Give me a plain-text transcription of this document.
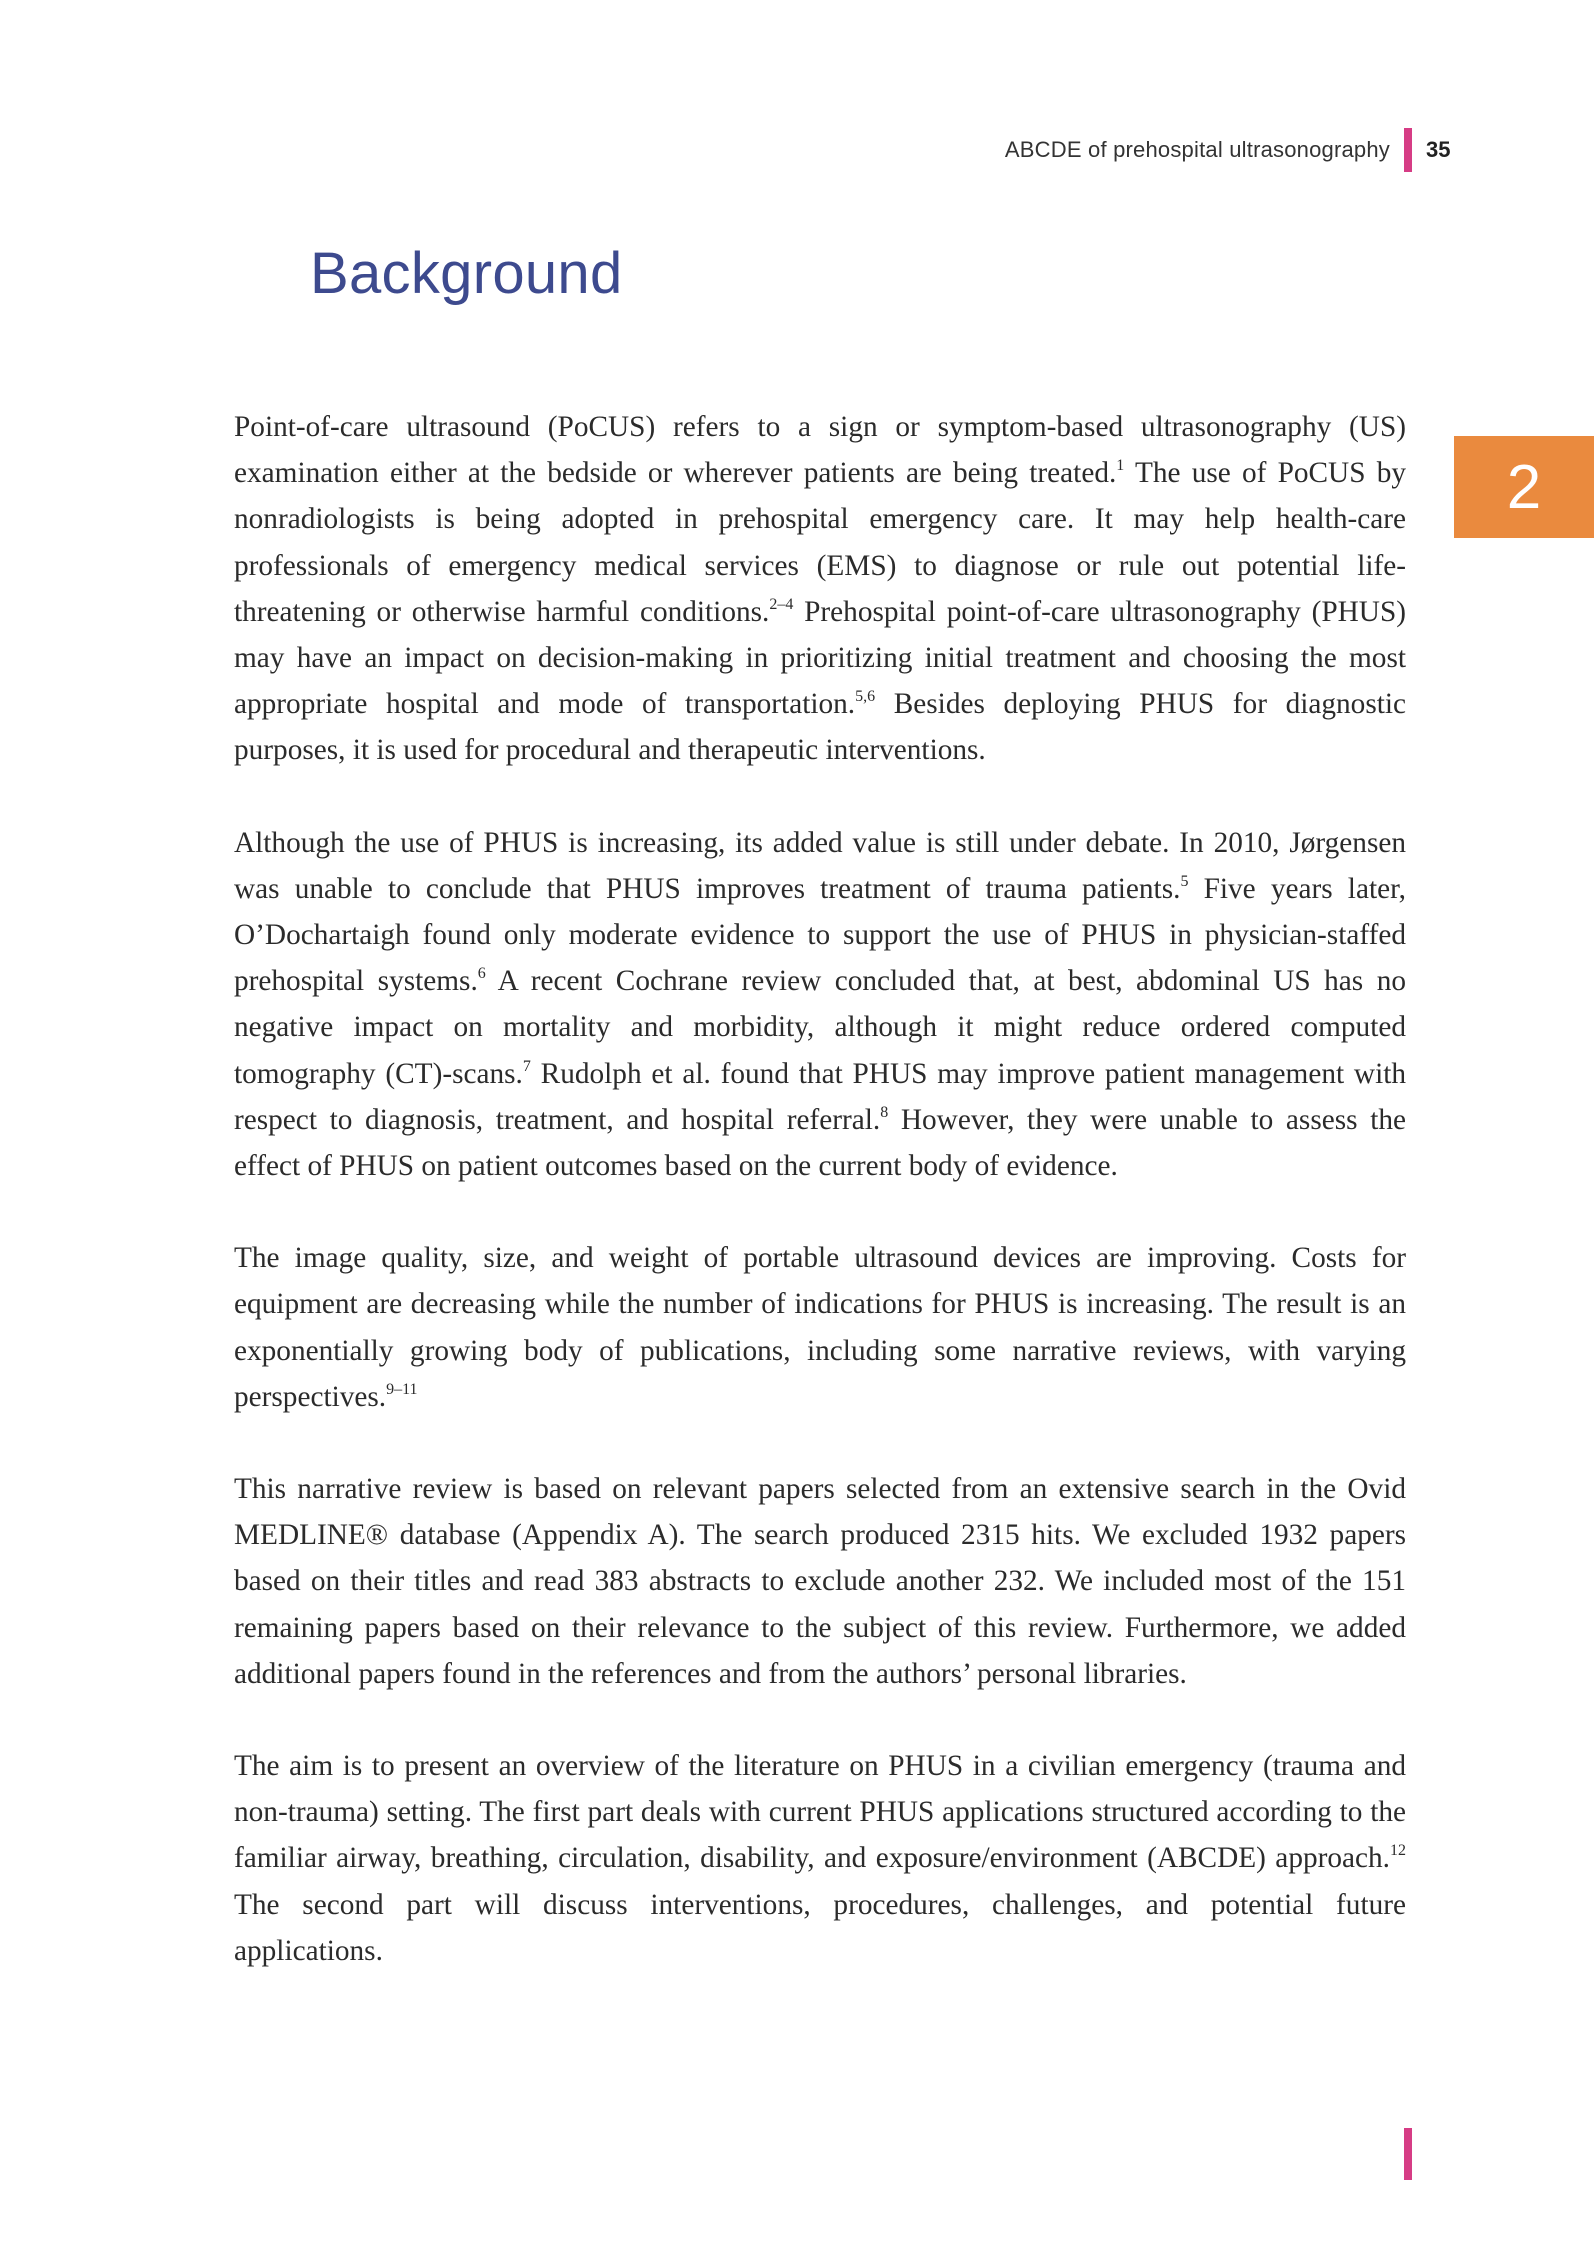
ABCDE of prehospital ultrasonography 35
Background
2

Point-of-care ultrasound (PoCUS) refers to a sign or symptom-based ultrasonography (US) examination either at the bedside or wherever patients are being treated.$^1$ The use of PoCUS by nonradiologists is being adopted in prehospital emergency care. It may help health-care professionals of emergency medical services (EMS) to diagnose or rule out potential life-threatening or otherwise harmful conditions.$^{2-4}$ Prehospital point-of-care ultrasonography (PHUS) may have an impact on decision-making in prioritizing initial treatment and choosing the most appropriate hospital and mode of transportation.$^{5,6}$ Besides deploying PHUS for diagnostic purposes, it is used for procedural and therapeutic interventions.

Although the use of PHUS is increasing, its added value is still under debate. In 2010, Jørgensen was unable to conclude that PHUS improves treatment of trauma patients.$^5$ Five years later, O’Dochartaigh found only moderate evidence to support the use of PHUS in physician-staffed prehospital systems.$^6$ A recent Cochrane review concluded that, at best, abdominal US has no negative impact on mortality and morbidity, although it might reduce ordered computed tomography (CT)-scans.$^7$ Rudolph et al. found that PHUS may improve patient management with respect to diagnosis, treatment, and hospital referral.$^8$ However, they were unable to assess the effect of PHUS on patient outcomes based on the current body of evidence.

The image quality, size, and weight of portable ultrasound devices are improving. Costs for equipment are decreasing while the number of indications for PHUS is increasing. The result is an exponentially growing body of publications, including some narrative reviews, with varying perspectives.$^{9-11}$

This narrative review is based on relevant papers selected from an extensive search in the Ovid MEDLINE® database (Appendix A). The search produced 2315 hits. We excluded 1932 papers based on their titles and read 383 abstracts to exclude another 232. We included most of the 151 remaining papers based on their relevance to the subject of this review. Furthermore, we added additional papers found in the references and from the authors’ personal libraries.

The aim is to present an overview of the literature on PHUS in a civilian emergency (trauma and non-trauma) setting. The first part deals with current PHUS applications structured according to the familiar airway, breathing, circulation, disability, and exposure/environment (ABCDE) approach.$^{12}$ The second part will discuss interventions, procedures, challenges, and potential future applications.
